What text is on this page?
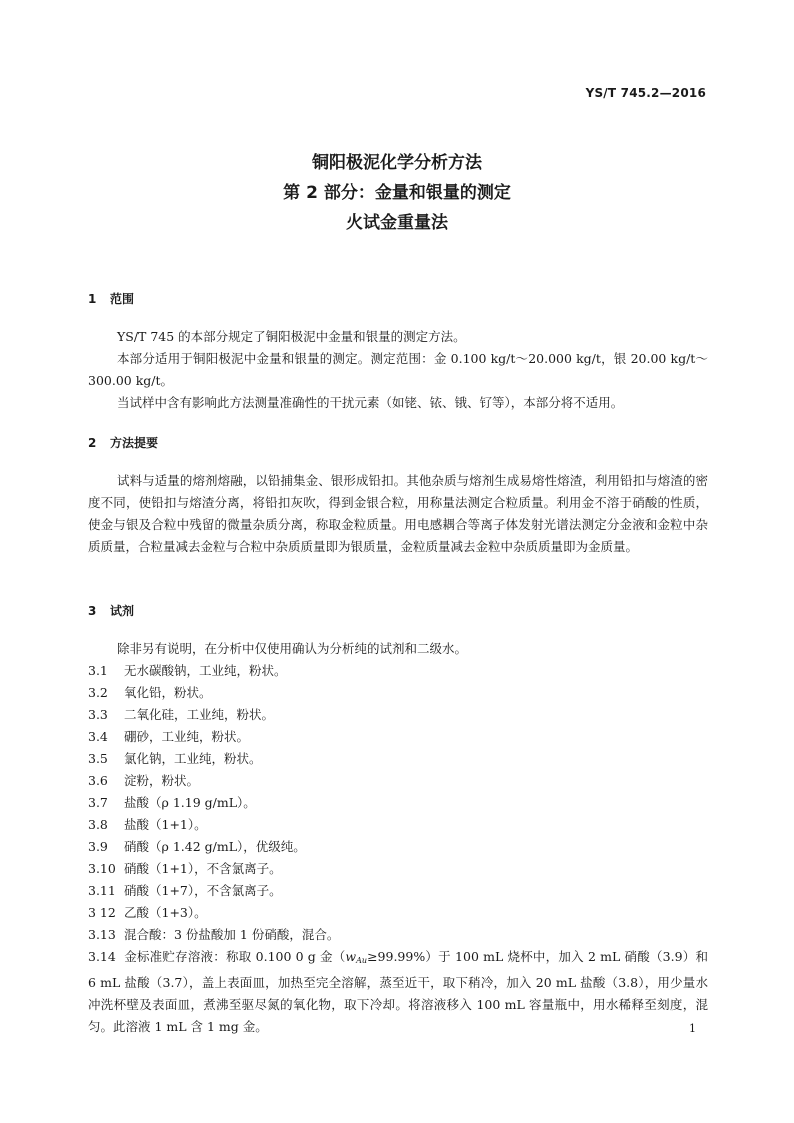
YS/T 745.2—2016
铜阳极泥化学分析方法
第 2 部分：金量和银量的测定
火试金重量法
1 范围
YS/T 745 的本部分规定了铜阳极泥中金量和银量的测定方法。
本部分适用于铜阳极泥中金量和银量的测定。测定范围：金 0.100 kg/t～20.000 kg/t，银 20.00 kg/t～300.00 kg/t。
当试样中含有影响此方法测量准确性的干扰元素（如铑、铱、锇、钌等），本部分将不适用。
2 方法提要
试料与适量的熔剂熔融，以铅捕集金、银形成铅扣。其他杂质与熔剂生成易熔性熔渣，利用铅扣与熔渣的密度不同，使铅扣与熔渣分离，将铅扣灰吹，得到金银合粒，用称量法测定合粒质量。利用金不溶于硝酸的性质，使金与银及合粒中残留的微量杂质分离，称取金粒质量。用电感耦合等离子体发射光谱法测定分金液和金粒中杂质质量，合粒量减去金粒与合粒中杂质质量即为银质量，金粒质量减去金粒中杂质质量即为金质量。
3 试剂
除非另有说明，在分析中仅使用确认为分析纯的试剂和二级水。
3.1 无水碳酸钠，工业纯，粉状。
3.2 氧化铅，粉状。
3.3 二氧化硅，工业纯，粉状。
3.4 硼砂，工业纯，粉状。
3.5 氯化钠，工业纯，粉状。
3.6 淀粉，粉状。
3.7 盐酸（ρ 1.19 g/mL）。
3.8 盐酸（1+1）。
3.9 硝酸（ρ 1.42 g/mL），优级纯。
3.10 硝酸（1+1），不含氯离子。
3.11 硝酸（1+7），不含氯离子。
3 12 乙酸（1+3）。
3.13 混合酸：3 份盐酸加 1 份硝酸，混合。
3.14 金标准贮存溶液：称取 0.100 0 g 金$(w_{Au}\ge 99.99\%)$于 100 mL 烧杯中，加入 2 mL 硝酸（3.9）和 6 mL 盐酸（3.7），盖上表面皿，加热至完全溶解，蒸至近干，取下稍冷，加入 20 mL 盐酸（3.8），用少量水冲洗杯壁及表面皿，煮沸至驱尽氮的氧化物，取下冷却。将溶液移入 100 mL 容量瓶中，用水稀释至刻度，混匀。此溶液 1 mL 含 1 mg 金。	1
